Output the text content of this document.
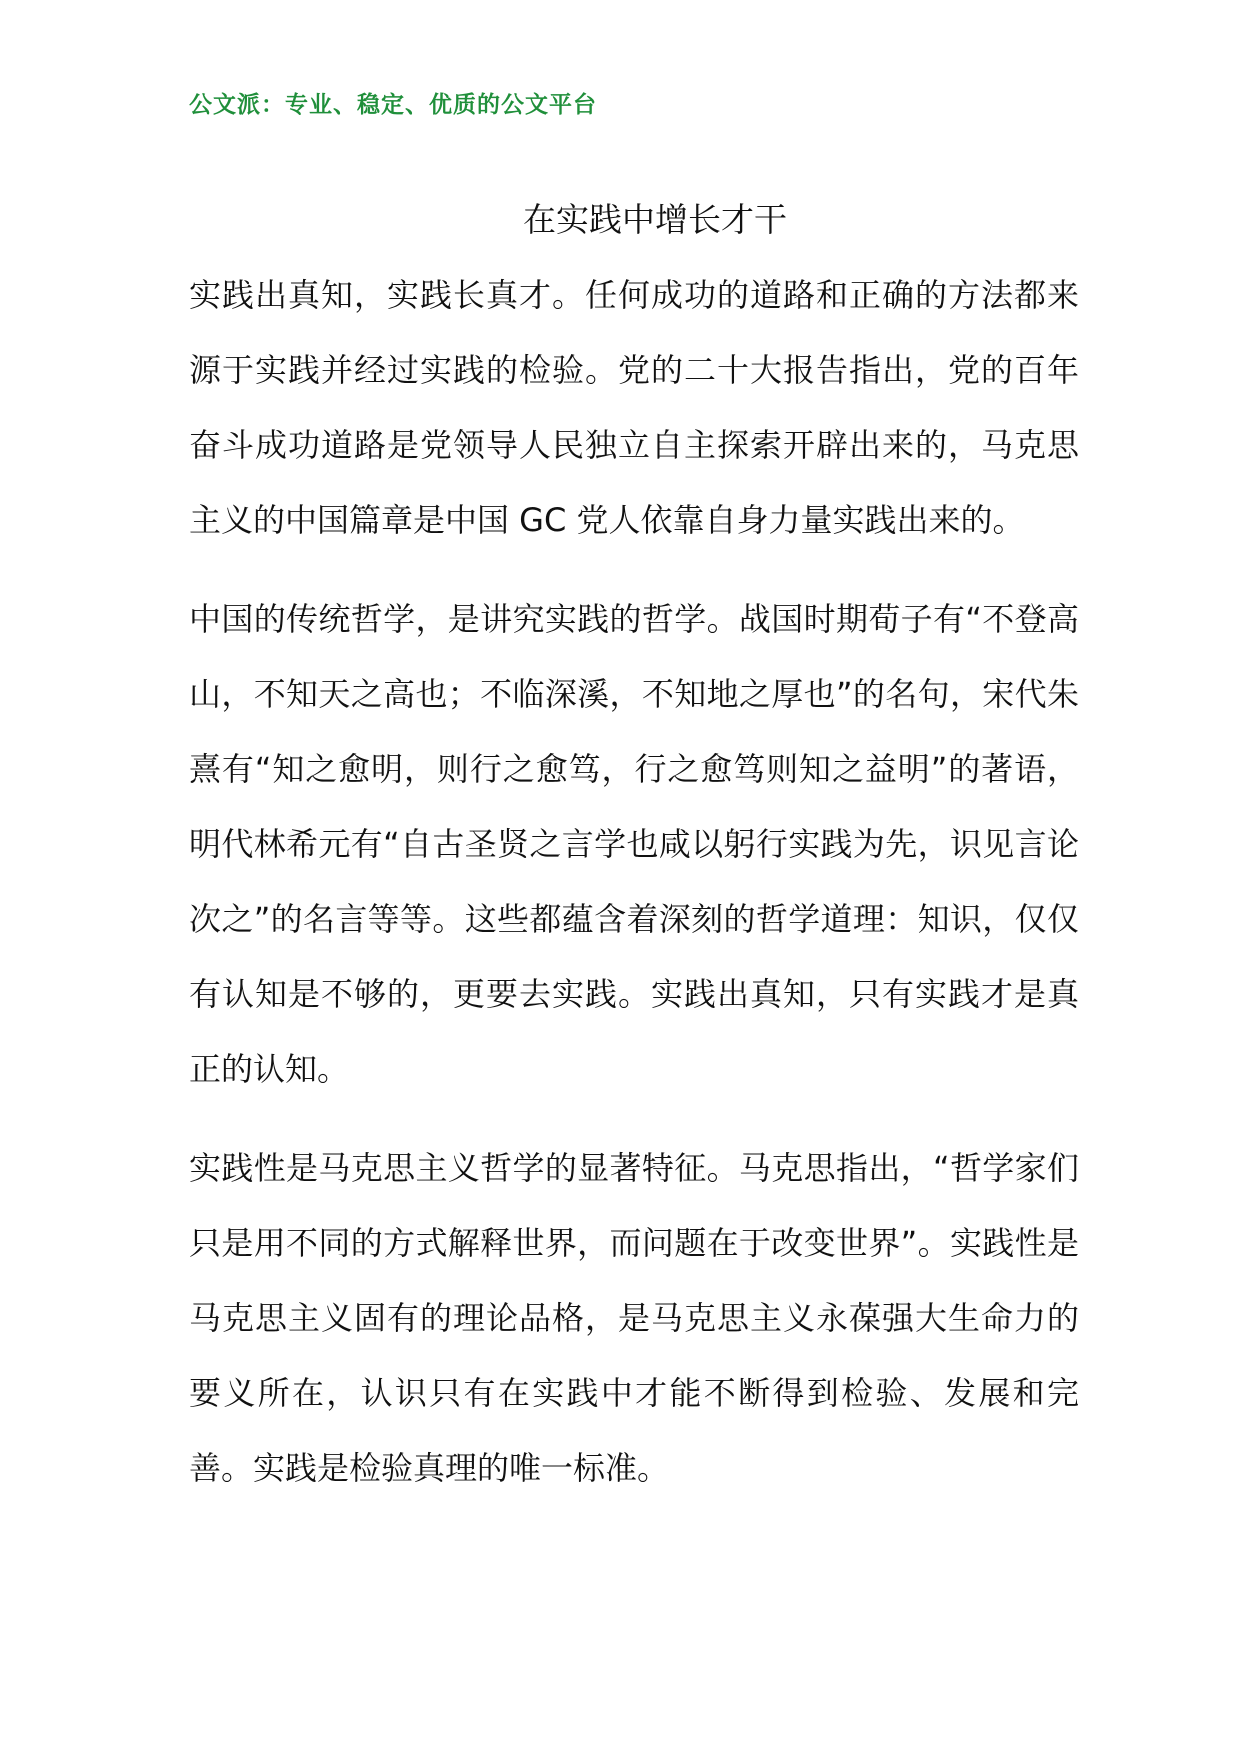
公文派：专业、稳定、优质的公文平台
在实践中增长才干

实践出真知，实践长真才。任何成功的道路和正确的方法都来源于实践并经过实践的检验。党的二十大报告指出，党的百年奋斗成功道路是党领导人民独立自主探索开辟出来的，马克思主义的中国篇章是中国 GC 党人依靠自身力量实践出来的。

中国的传统哲学，是讲究实践的哲学。战国时期荀子有“不登高山，不知天之高也；不临深溪，不知地之厚也”的名句，宋代朱熹有“知之愈明，则行之愈笃，行之愈笃则知之益明”的著语，明代林希元有“自古圣贤之言学也咸以躬行实践为先，识见言论次之”的名言等等。这些都蕴含着深刻的哲学道理：知识，仅仅有认知是不够的，更要去实践。实践出真知，只有实践才是真正的认知。

实践性是马克思主义哲学的显著特征。马克思指出，“哲学家们只是用不同的方式解释世界，而问题在于改变世界”。实践性是马克思主义固有的理论品格，是马克思主义永葆强大生命力的要义所在，认识只有在实践中才能不断得到检验、发展和完善。实践是检验真理的唯一标准。
